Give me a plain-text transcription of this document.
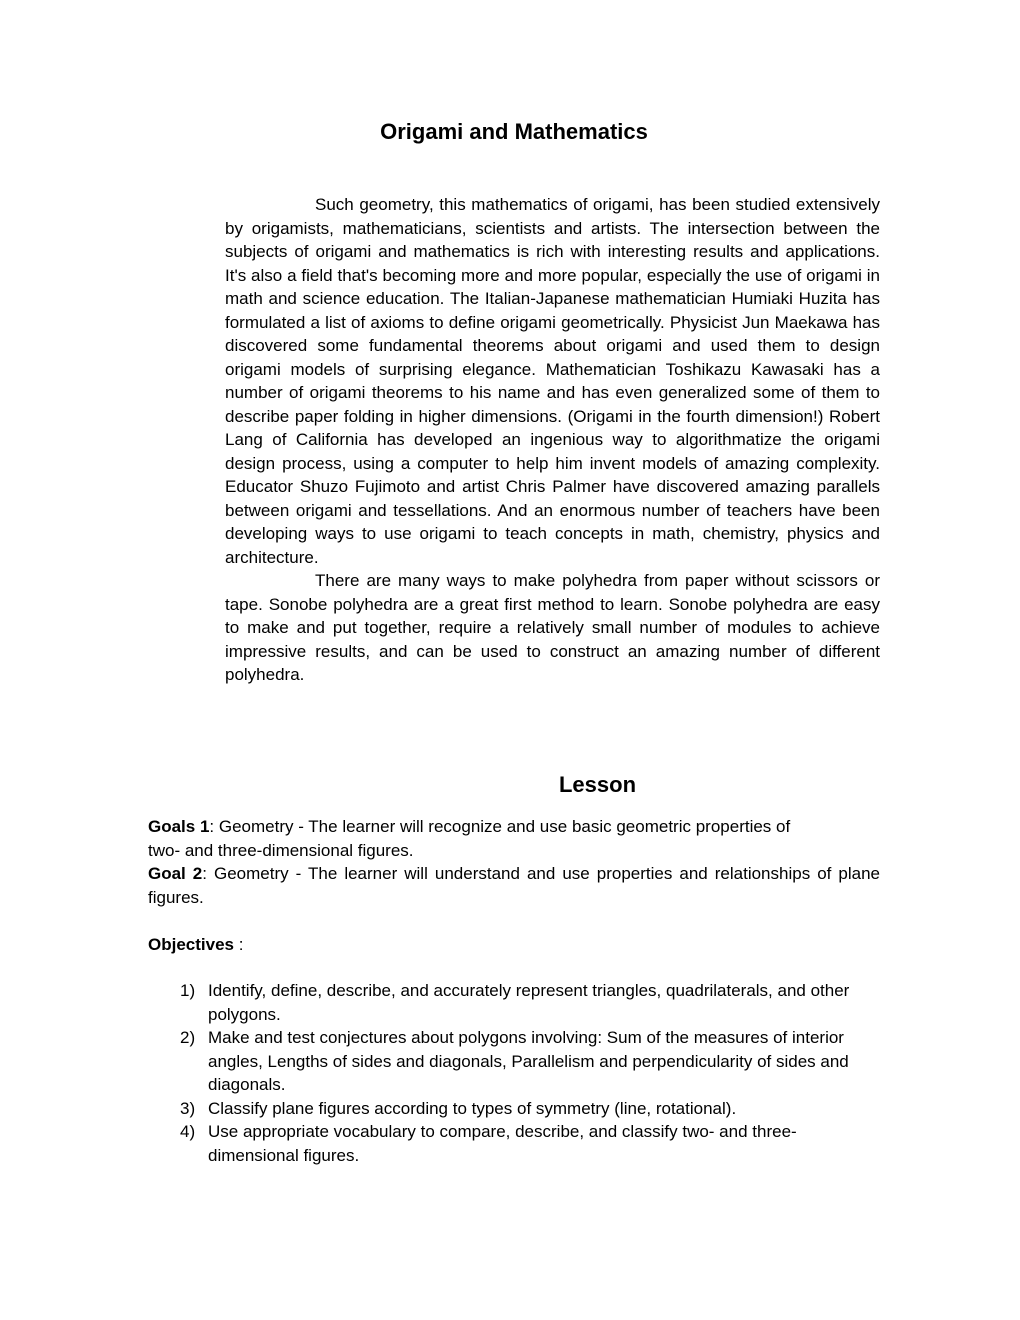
Origami and Mathematics

Such geometry, this mathematics of origami, has been studied extensively by origamists, mathematicians, scientists and artists. The intersection between the subjects of origami and mathematics is rich with interesting results and applications. It's also a field that's becoming more and more popular, especially the use of origami in math and science education. The Italian-Japanese mathematician Humiaki Huzita has formulated a list of axioms to define origami geometrically. Physicist Jun Maekawa has discovered some fundamental theorems about origami and used them to design origami models of surprising elegance. Mathematician Toshikazu Kawasaki has a number of origami theorems to his name and has even generalized some of them to describe paper folding in higher dimensions. (Origami in the fourth dimension!) Robert Lang of California has developed an ingenious way to algorithmatize the origami design process, using a computer to help him invent models of amazing complexity. Educator Shuzo Fujimoto and artist Chris Palmer have discovered amazing parallels between origami and tessellations. And an enormous number of teachers have been developing ways to use origami to teach concepts in math, chemistry, physics and architecture.

There are many ways to make polyhedra from paper without scissors or tape. Sonobe polyhedra are a great first method to learn. Sonobe polyhedra are easy to make and put together, require a relatively small number of modules to achieve impressive results, and can be used to construct an amazing number of different polyhedra.

Lesson

Goals 1: Geometry - The learner will recognize and use basic geometric properties of two- and three-dimensional figures.

Goal 2: Geometry - The learner will understand and use properties and relationships of plane figures.

Objectives :

1) Identify, define, describe, and accurately represent triangles, quadrilaterals, and other polygons.
2) Make and test conjectures about polygons involving: Sum of the measures of interior angles, Lengths of sides and diagonals, Parallelism and perpendicularity of sides and diagonals.
3) Classify plane figures according to types of symmetry (line, rotational).
4) Use appropriate vocabulary to compare, describe, and classify two- and three-dimensional figures.
